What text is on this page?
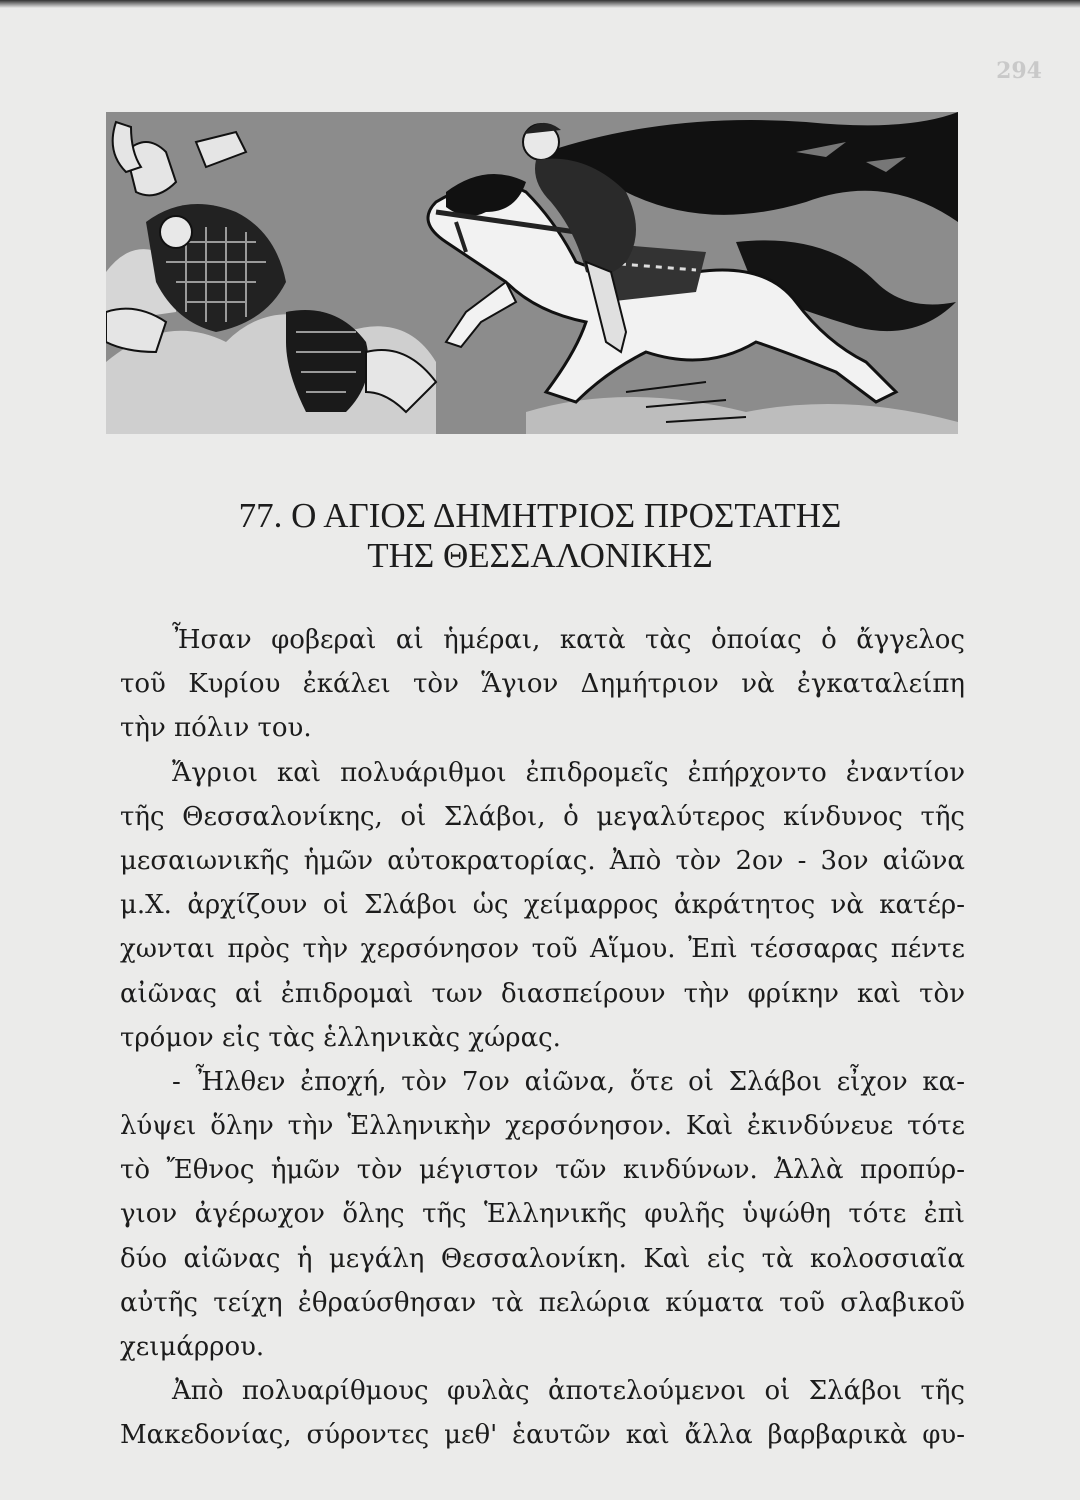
294
77. Ο ΑΓΙΟΣ ΔΗΜΗΤΡΙΟΣ ΠΡΟΣΤΑΤΗΣ
ΤΗΣ ΘΕΣΣΑΛΟΝΙΚΗΣ
Ἦσαν φοβεραὶ αἱ ἡμέραι, κατὰ τὰς ὁποίας ὁ ἄγγελος
τοῦ Κυρίου ἐκάλει τὸν Ἅγιον Δημήτριον νὰ ἐγκαταλείπη
τὴν πόλιν του.
Ἄγριοι καὶ πολυάριθμοι ἐπιδρομεῖς ἐπήρχοντο ἐναντίον
τῆς Θεσσαλονίκης, οἱ Σλάβοι, ὁ μεγαλύτερος κίνδυνος τῆς
μεσαιωνικῆς ἡμῶν αὐτοκρατορίας. Ἀπὸ τὸν 2ον - 3ον αἰῶνα
μ.Χ. ἀρχίζουν οἱ Σλάβοι ὡς χείμαρρος ἀκράτητος νὰ κατέρ-
χωνται πρὸς τὴν χερσόνησον τοῦ Αἵμου. Ἐπὶ τέσσαρας πέντε
αἰῶνας αἱ ἐπιδρομαὶ των διασπείρουν τὴν φρίκην καὶ τὸν
τρόμον εἰς τὰς ἑλληνικὰς χώρας.
- Ἦλθεν ἐποχή, τὸν 7ον αἰῶνα, ὅτε οἱ Σλάβοι εἶχον κα-
λύψει ὅλην τὴν Ἑλληνικὴν χερσόνησον. Καὶ ἐκινδύνευε τότε
τὸ Ἔθνος ἡμῶν τὸν μέγιστον τῶν κινδύνων. Ἀλλὰ προπύρ-
γιον ἀγέρωχον ὅλης τῆς Ἑλληνικῆς φυλῆς ὑψώθη τότε ἐπὶ
δύο αἰῶνας ἡ μεγάλη Θεσσαλονίκη. Καὶ εἰς τὰ κολοσσιαῖα
αὐτῆς τείχη ἐθραύσθησαν τὰ πελώρια κύματα τοῦ σλαβικοῦ
χειμάρρου.
Ἀπὸ πολυαρίθμους φυλὰς ἀποτελούμενοι οἱ Σλάβοι τῆς
Μακεδονίας, σύροντες μεθ' ἑαυτῶν καὶ ἄλλα βαρβαρικὰ φυ-
